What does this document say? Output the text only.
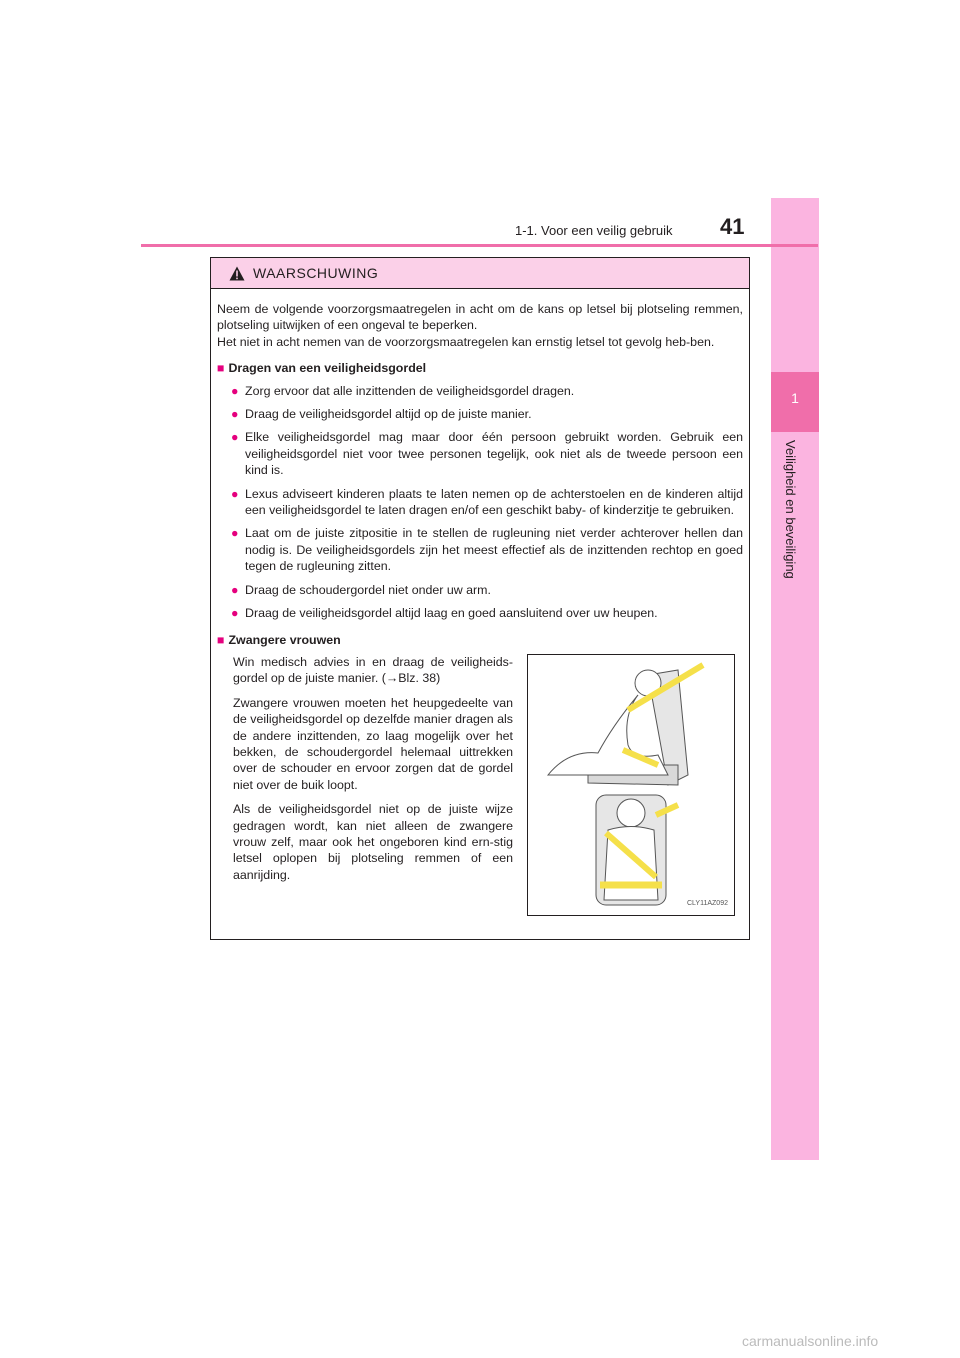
1
Veiligheid en beveiliging
1-1. Voor een veilig gebruik 41
WAARSCHUWING

Neem de volgende voorzorgsmaatregelen in acht om de kans op letsel bij plotseling remmen, plotseling uitwijken of een ongeval te beperken.

Het niet in acht nemen van de voorzorgsmaatregelen kan ernstig letsel tot gevolg heb-ben.

■ Dragen van een veiligheidsgordel
● Zorg ervoor dat alle inzittenden de veiligheidsgordel dragen.
● Draag de veiligheidsgordel altijd op de juiste manier.
● Elke veiligheidsgordel mag maar door één persoon gebruikt worden. Gebruik een veiligheidsgordel niet voor twee personen tegelijk, ook niet als de tweede persoon een kind is.
● Lexus adviseert kinderen plaats te laten nemen op de achterstoelen en de kinderen altijd een veiligheidsgordel te laten dragen en/of een geschikt baby- of kinderzitje te gebruiken.
● Laat om de juiste zitpositie in te stellen de rugleuning niet verder achterover hellen dan nodig is. De veiligheidsgordels zijn het meest effectief als de inzittenden rechtop en goed tegen de rugleuning zitten.
● Draag de schoudergordel niet onder uw arm.
● Draag de veiligheidsgordel altijd laag en goed aansluitend over uw heupen.
■ Zwangere vrouwen

Win medisch advies in en draag de veiligheids-gordel op de juiste manier. (→Blz. 38)

Zwangere vrouwen moeten het heupgedeelte van de veiligheidsgordel op dezelfde manier dragen als de andere inzittenden, zo laag mogelijk over het bekken, de schoudergordel helemaal uittrekken over de schouder en ervoor zorgen dat de gordel niet over de buik loopt.

Als de veiligheidsgordel niet op de juiste wijze gedragen wordt, kan niet alleen de zwangere vrouw zelf, maar ook het ongeboren kind ern-stig letsel oplopen bij plotseling remmen of een aanrijding.

CLY11AZ092
carmanualsonline.info
